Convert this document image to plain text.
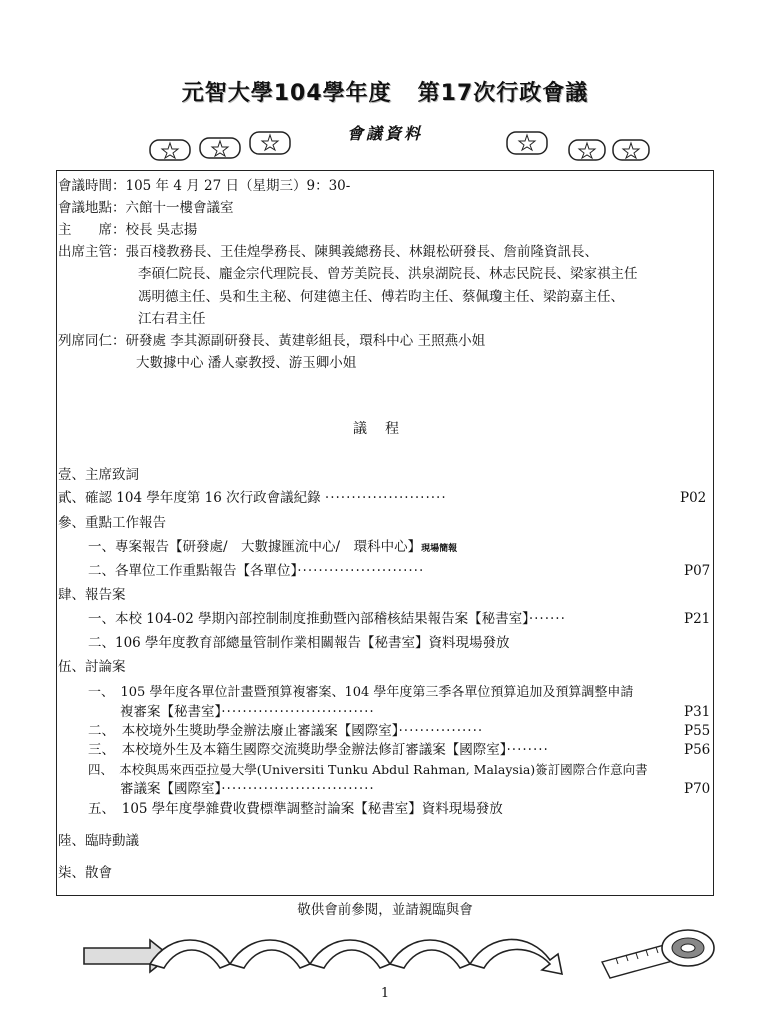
元智大學104學年度 第17次行政會議
會議資料
會議時間：105 年 4 月 27 日（星期三）9：30-
會議地點：六館十一樓會議室
主　　席：校長 吳志揚
出席主管：張百棧教務長、王佳煌學務長、陳興義總務長、林錕松研發長、詹前隆資訊長、
李碩仁院長、龐金宗代理院長、曾芳美院長、洪泉湖院長、林志民院長、梁家祺主任
馮明德主任、吳和生主秘、何建德主任、傅若昀主任、蔡佩瓊主任、梁韵嘉主任、
江右君主任
列席同仁：研發處 李其源副研發長、黃建彰組長，環科中心 王照燕小姐
大數據中心 潘人豪教授、游玉卿小姐
議程
壹、主席致詞
貳、確認 104 學年度第 16 次行政會議紀錄 ‧‧‧‧‧‧‧‧‧‧‧‧‧‧‧‧‧‧‧‧‧‧‧	P02
參、重點工作報告
一、專案報告【研發處/　大數據匯流中心/　環科中心】現場簡報
二、各單位工作重點報告【各單位】‧‧‧‧‧‧‧‧‧‧‧‧‧‧‧‧‧‧‧‧‧‧‧‧	P07
肆、報告案
一、本校 104-02 學期內部控制制度推動暨內部稽核結果報告案【秘書室】‧‧‧‧‧‧‧	P21
二、106 學年度教育部總量管制作業相關報告【秘書室】資料現場發放
伍、討論案
一、　105 學年度各單位計畫暨預算複審案、104 學年度第三季各單位預算追加及預算調整申請
複審案【秘書室】‧‧‧‧‧‧‧‧‧‧‧‧‧‧‧‧‧‧‧‧‧‧‧‧‧‧‧‧‧	P31
二、　本校境外生獎助學金辦法廢止審議案【國際室】‧‧‧‧‧‧‧‧‧‧‧‧‧‧‧‧	P55
三、　本校境外生及本籍生國際交流獎助學金辦法修訂審議案【國際室】‧‧‧‧‧‧‧‧	P56
四、　本校與馬來西亞拉曼大學(Universiti Tunku Abdul Rahman, Malaysia)簽訂國際合作意向書
審議案【國際室】‧‧‧‧‧‧‧‧‧‧‧‧‧‧‧‧‧‧‧‧‧‧‧‧‧‧‧‧‧	P70
五、　105 學年度學雜費收費標準調整討論案【秘書室】資料現場發放
陸、臨時動議
柒、散會
敬供會前參閱，並請親臨與會
1
